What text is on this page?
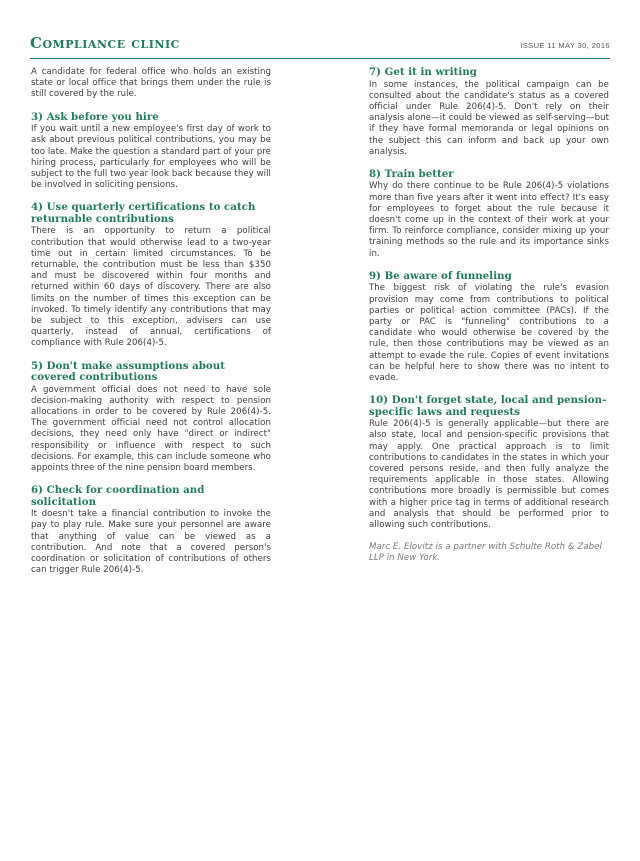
Compliance clinic	ISSUE 11 MAY 30, 2016

A candidate for federal office who holds an existing state or local office that brings them under the rule is still covered by the rule.

3) Ask before you hire

If you wait until a new employee's first day of work to ask about previous political contributions, you may be too late. Make the question a standard part of your pre hiring process, particularly for employees who will be subject to the full two year look back because they will be involved in soliciting pensions.

4) Use quarterly certifications to catch returnable contributions

There is an opportunity to return a political contribution that would otherwise lead to a two-year time out in certain limited circumstances. To be returnable, the contribution must be less than $350 and must be discovered within four months and returned within 60 days of discovery. There are also limits on the number of times this exception can be invoked. To timely identify any contributions that may be subject to this exception, advisers can use quarterly, instead of annual, certifications of compliance with Rule 206(4)-5.

5) Don't make assumptions about covered contributions

A government official does not need to have sole decision-making authority with respect to pension allocations in order to be covered by Rule 206(4)-5. The government official need not control allocation decisions, they need only have "direct or indirect" responsibility or influence with respect to such decisions. For example, this can include someone who appoints three of the nine pension board members.

6) Check for coordination and solicitation

It doesn't take a financial contribution to invoke the pay to play rule. Make sure your personnel are aware that anything of value can be viewed as a contribution. And note that a covered person's coordination or solicitation of contributions of others can trigger Rule 206(4)-5.

7) Get it in writing

In some instances, the political campaign can be consulted about the candidate's status as a covered official under Rule 206(4)-5. Don't rely on their analysis alone—it could be viewed as self-serving—but if they have formal memoranda or legal opinions on the subject this can inform and back up your own analysis.

8) Train better

Why do there continue to be Rule 206(4)-5 violations more than five years after it went into effect? It's easy for employees to forget about the rule because it doesn't come up in the context of their work at your firm. To reinforce compliance, consider mixing up your training methods so the rule and its importance sinks in.

9) Be aware of funneling

The biggest risk of violating the rule's evasion provision may come from contributions to political parties or political action committee (PACs). If the party or PAC is "funneling" contributions to a candidate who would otherwise be covered by the rule, then those contributions may be viewed as an attempt to evade the rule. Copies of event invitations can be helpful here to show there was no intent to evade.

10) Don't forget state, local and pension-specific laws and requests

Rule 206(4)-5 is generally applicable—but there are also state, local and pension-specific provisions that may apply. One practical approach is to limit contributions to candidates in the states in which your covered persons reside, and then fully analyze the requirements applicable in those states. Allowing contributions more broadly is permissible but comes with a higher price tag in terms of additional research and analysis that should be performed prior to allowing such contributions.

Marc E. Elovitz is a partner with Schulte Roth & Zabel LLP in New York.
